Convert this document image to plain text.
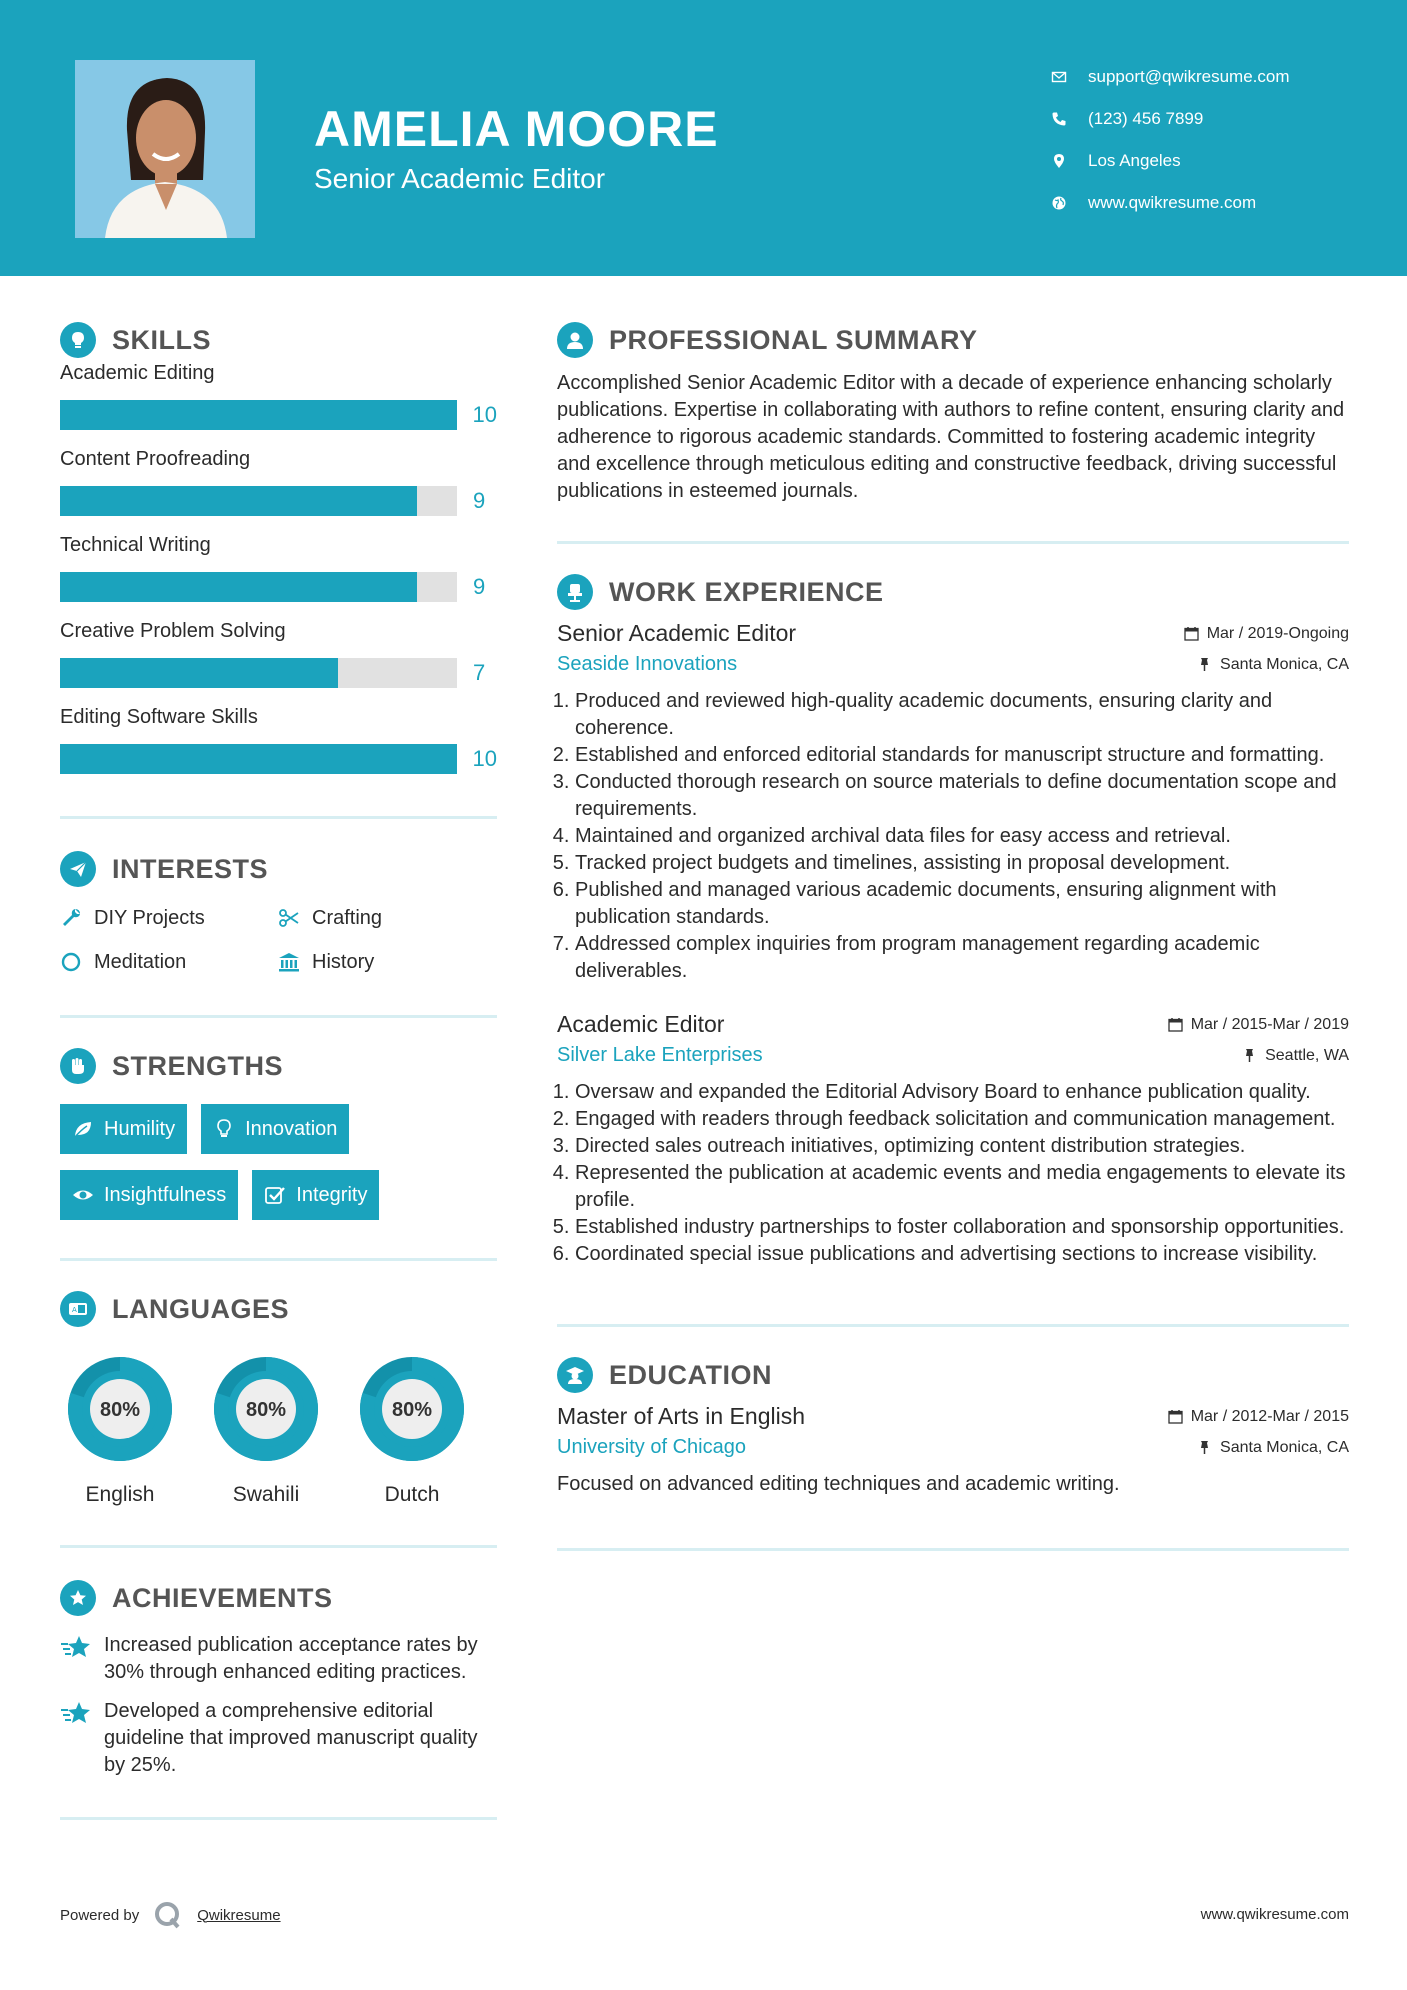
AMELIA MOORE
Senior Academic Editor
support@qwikresume.com
(123) 456 7899
Los Angeles
www.qwikresume.com
SKILLS
Academic Editing
10
Content Proofreading
9
Technical Writing
9
Creative Problem Solving
7
Editing Software Skills
10
INTERESTS
DIY Projects	Crafting
Meditation	History
STRENGTHS
Humility	Innovation
Insightfulness	Integrity
A LANGUAGES
80%
English
80%
Swahili
80%
Dutch
ACHIEVEMENTS
Increased publication acceptance rates by 30% through enhanced editing practices.
Developed a comprehensive editorial guideline that improved manuscript quality by 25%.
PROFESSIONAL SUMMARY
Accomplished Senior Academic Editor with a decade of experience enhancing scholarly publications. Expertise in collaborating with authors to refine content, ensuring clarity and adherence to rigorous academic standards. Committed to fostering academic integrity and excellence through meticulous editing and constructive feedback, driving successful publications in esteemed journals.
WORK EXPERIENCE
Senior Academic Editor	Mar / 2019-Ongoing
Seaside Innovations	Santa Monica, CA
1. Produced and reviewed high-quality academic documents, ensuring clarity and coherence.
2. Established and enforced editorial standards for manuscript structure and formatting.
3. Conducted thorough research on source materials to define documentation scope and requirements.
4. Maintained and organized archival data files for easy access and retrieval.
5. Tracked project budgets and timelines, assisting in proposal development.
6. Published and managed various academic documents, ensuring alignment with publication standards.
7. Addressed complex inquiries from program management regarding academic deliverables.
Academic Editor	Mar / 2015-Mar / 2019
Silver Lake Enterprises	Seattle, WA
1. Oversaw and expanded the Editorial Advisory Board to enhance publication quality.
2. Engaged with readers through feedback solicitation and communication management.
3. Directed sales outreach initiatives, optimizing content distribution strategies.
4. Represented the publication at academic events and media engagements to elevate its profile.
5. Established industry partnerships to foster collaboration and sponsorship opportunities.
6. Coordinated special issue publications and advertising sections to increase visibility.
EDUCATION
Master of Arts in English	Mar / 2012-Mar / 2015
University of Chicago	Santa Monica, CA
Focused on advanced editing techniques and academic writing.
Powered by	Qwikresume	www.qwikresume.com
